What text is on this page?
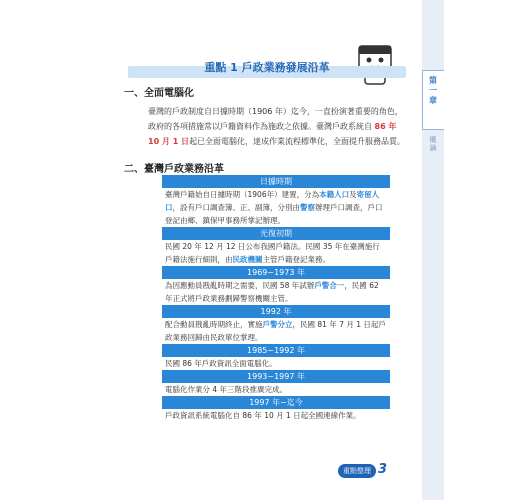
第一章
概論
重點 1 戶政業務發展沿革
一、全面電腦化
臺灣的戶政制度自日據時期（1906 年）迄今，一直扮演著重要的角色，政府的各項措施常以戶籍資料作為施政之依據。臺灣戶政系統自 86 年 10 月 1 日起已全面電腦化，達成作業流程標準化，全面提升服務品質。
二、臺灣戶政業務沿革
日據時期
臺灣戶籍始自日據時期（1906年）建置，分為本籍人口及寄留人口，設有戶口調查簿、正、副簿，分別由警察辦理戶口調查，戶口登記由鄉、鎮保甲事務所掌記辦理。
光復初期
民國 20 年 12 月 12 日公布我國戶籍法。民國 35 年在臺灣施行戶籍法施行細則，由民政機關主管戶籍登記業務。
1969~1973 年
為因應動員戡亂時期之需要，民國 58 年試辦戶警合一，民國 62 年正式將戶政業務劃歸警察機關主管。
1992 年
配合動員戡亂時期終止，實施戶警分立，民國 81 年 7 月 1 日起戶政業務回歸由民政單位掌理。
1985~1992 年
民國 86 年戶政資訊全面電腦化。
1993~1997 年
電腦化作業分 4 年三階段推廣完成。
1997 年~迄今
戶政資訊系統電腦化自 86 年 10 月 1 日起全國連線作業。
重點整理 3
